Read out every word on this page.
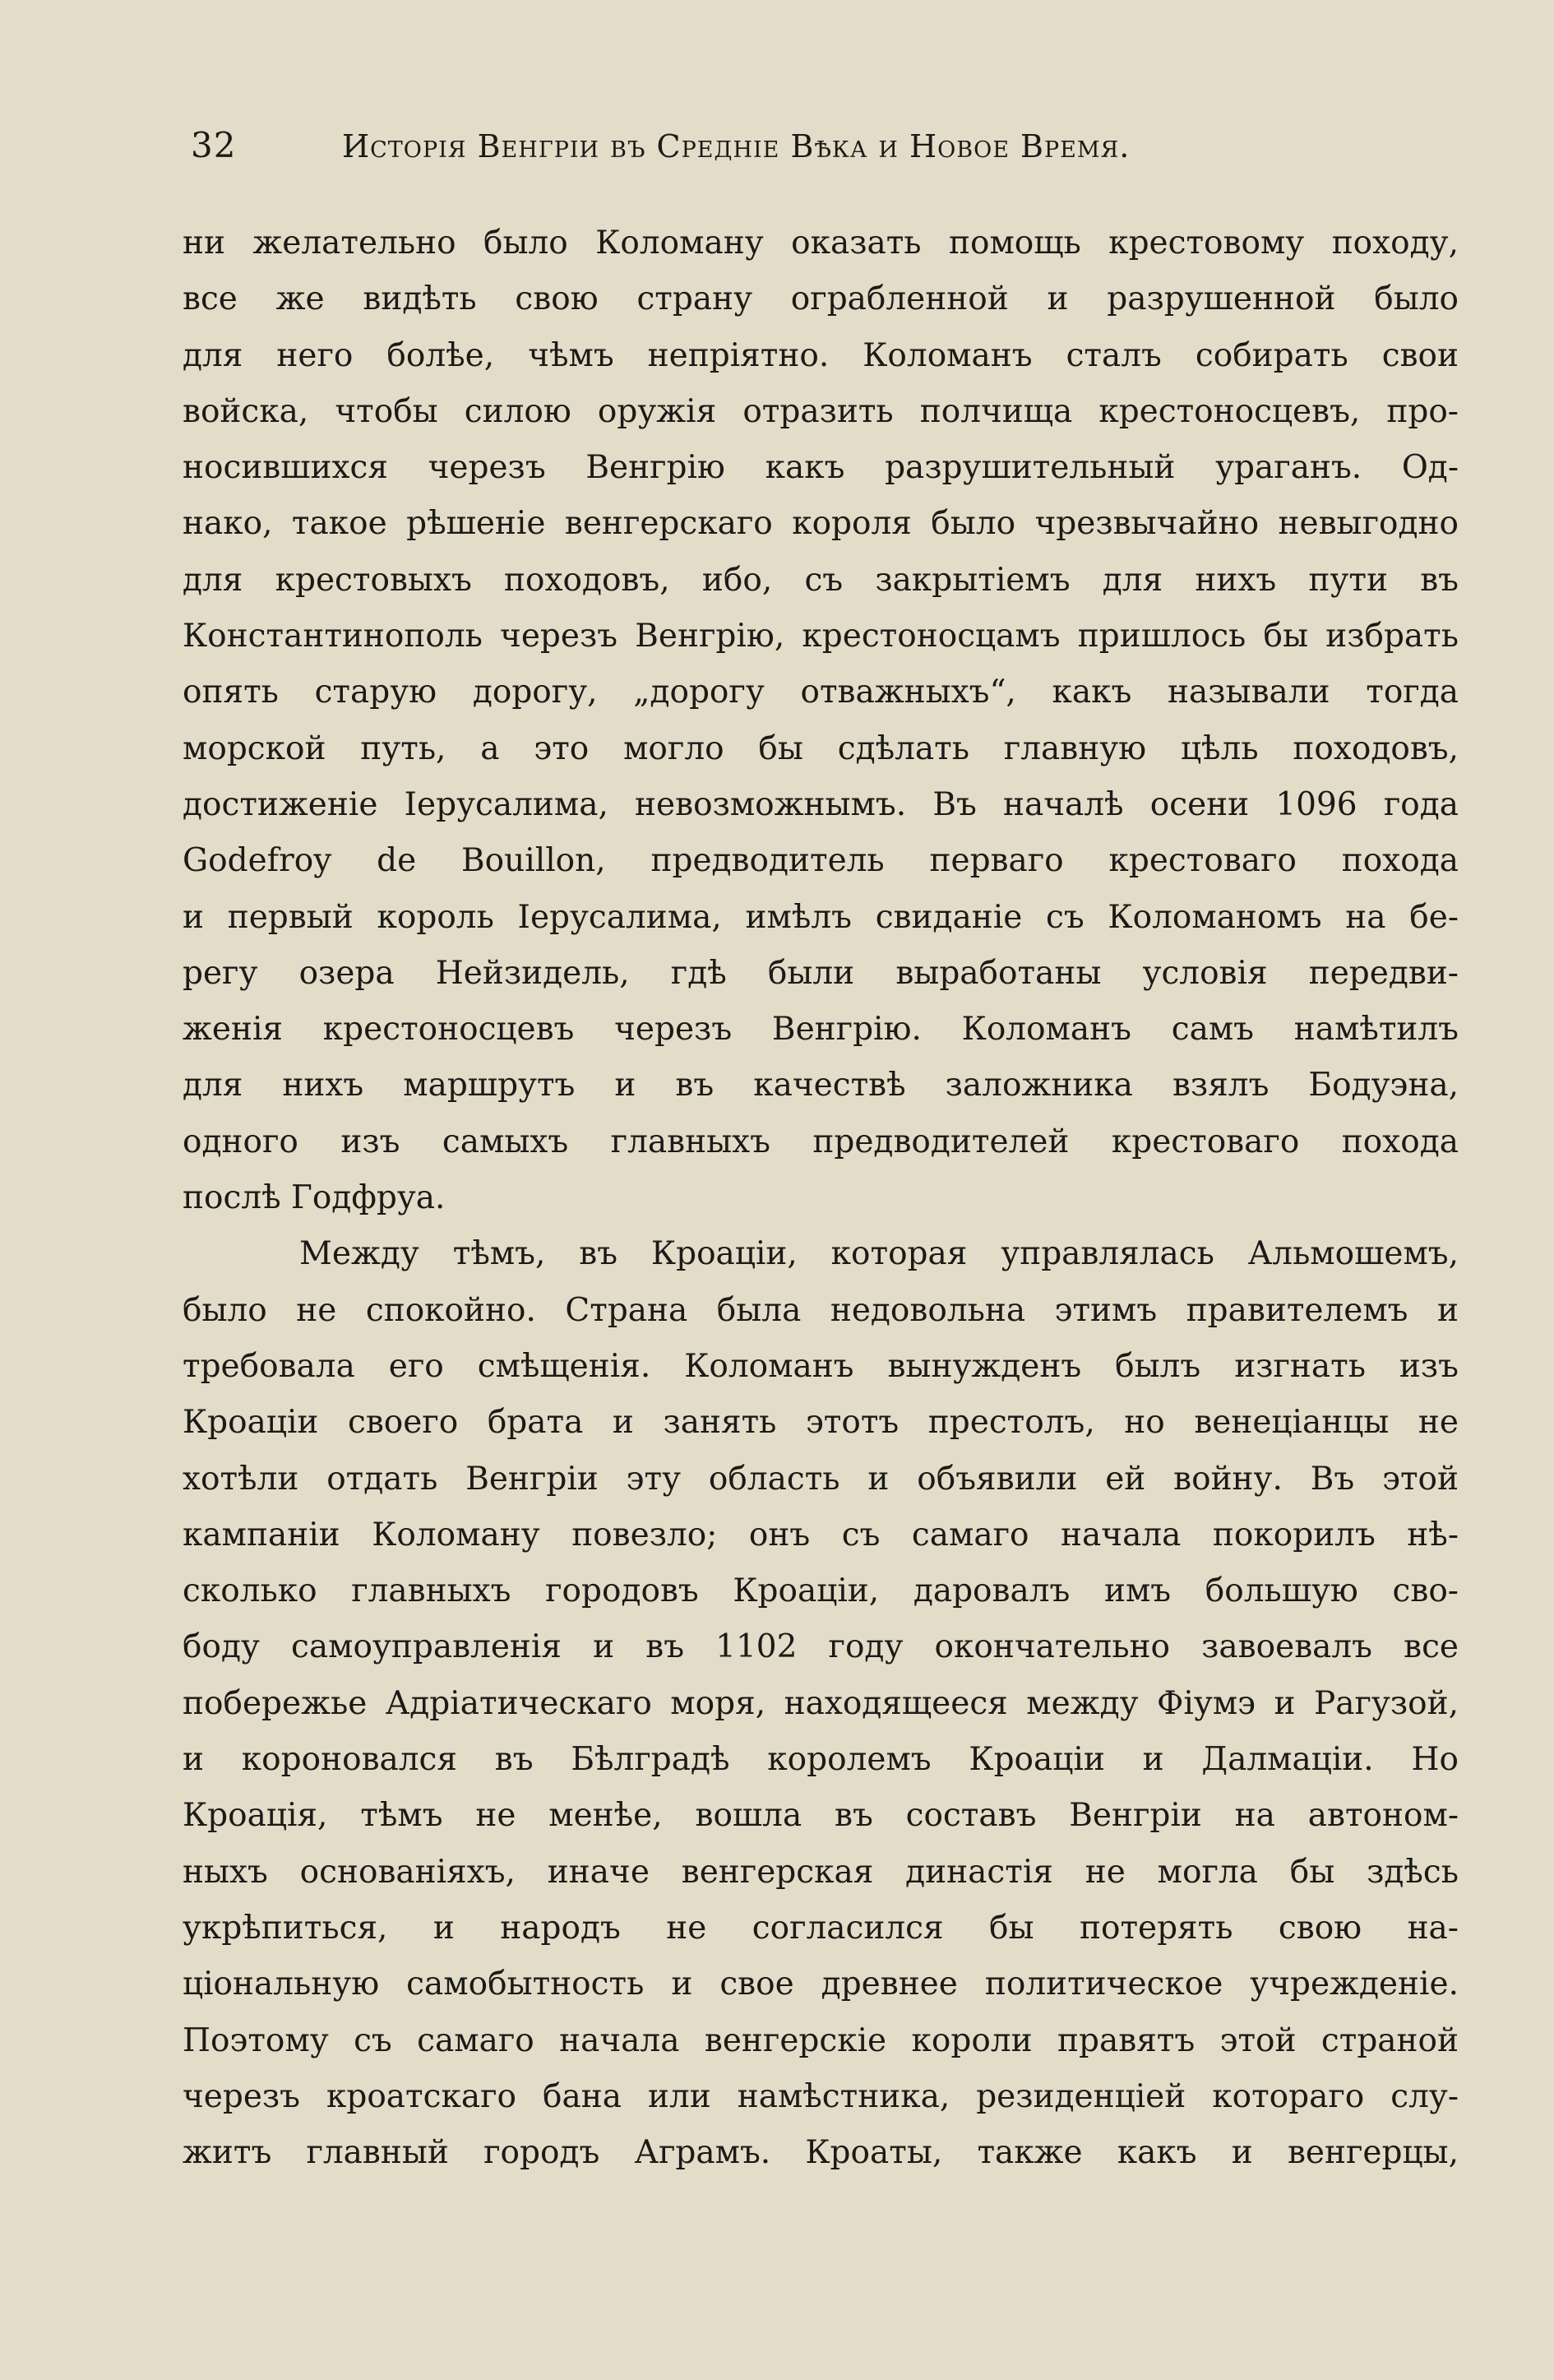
32	Исторія Венгріи въ Средніе Вѣка и Новое Время.
ни желательно было Коломану оказать помощь крестовому походу,
все же видѣть свою страну ограбленной и разрушенной было
для него болѣе, чѣмъ непріятно. Коломанъ сталъ собирать свои
войска, чтобы силою оружія отразить полчища крестоносцевъ, про-
носившихся черезъ Венгрію какъ разрушительный ураганъ. Од-
нако, такое рѣшеніе венгерскаго короля было чрезвычайно невыгодно
для крестовыхъ походовъ, ибо, съ закрытіемъ для нихъ пути въ
Константинополь черезъ Венгрію, крестоносцамъ пришлось бы избрать
опять старую дорогу, „дорогу отважныхъ“, какъ называли тогда
морской путь, а это могло бы сдѣлать главную цѣль походовъ,
достиженіе Іерусалима, невозможнымъ. Въ началѣ осени 1096 года
Godefroy de Bouillon, предводитель перваго крестоваго похода
и первый король Іерусалима, имѣлъ свиданіе съ Коломаномъ на бе-
регу озера Нейзидель, гдѣ были выработаны условія передви-
женія крестоносцевъ черезъ Венгрію. Коломанъ самъ намѣтилъ
для нихъ маршрутъ и въ качествѣ заложника взялъ Бодуэна,
одного изъ самыхъ главныхъ предводителей крестоваго похода
послѣ Годфруа.
Между тѣмъ, въ Кроаціи, которая управлялась Альмошемъ,
было не спокойно. Страна была недовольна этимъ правителемъ и
требовала его смѣщенія. Коломанъ вынужденъ былъ изгнать изъ
Кроаціи своего брата и занять этотъ престолъ, но венеціанцы не
хотѣли отдать Венгріи эту область и объявили ей войну. Въ этой
кампаніи Коломану повезло; онъ съ самаго начала покорилъ нѣ-
сколько главныхъ городовъ Кроаціи, даровалъ имъ большую сво-
боду самоуправленія и въ 1102 году окончательно завоевалъ все
побережье Адріатическаго моря, находящееся между Фіумэ и Рагузой,
и короновался въ Бѣлградѣ королемъ Кроаціи и Далмаціи. Но
Кроація, тѣмъ не менѣе, вошла въ составъ Венгріи на автоном-
ныхъ основаніяхъ, иначе венгерская династія не могла бы здѣсь
укрѣпиться, и народъ не согласился бы потерять свою на-
ціональную самобытность и свое древнее политическое учрежденіе.
Поэтому съ самаго начала венгерскіе короли правятъ этой страной
черезъ кроатскаго бана или намѣстника, резиденціей котораго слу-
житъ главный городъ Аграмъ. Кроаты, также какъ и венгерцы,
